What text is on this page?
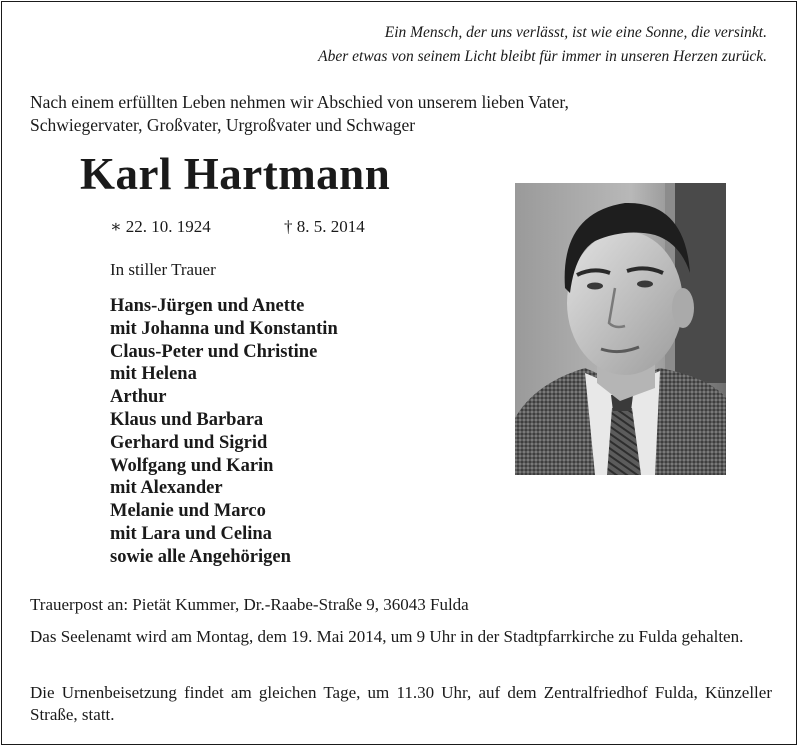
Ein Mensch, der uns verlässt, ist wie eine Sonne, die versinkt.
Aber etwas von seinem Licht bleibt für immer in unseren Herzen zurück.
Nach einem erfüllten Leben nehmen wir Abschied von unserem lieben Vater,
Schwiegervater, Großvater, Urgroßvater und Schwager
Karl Hartmann
∗ 22. 10. 1924	† 8. 5. 2014
In stiller Trauer
Hans-Jürgen und Anette
mit Johanna und Konstantin
Claus-Peter und Christine
mit Helena
Arthur
Klaus und Barbara
Gerhard und Sigrid
Wolfgang und Karin
mit Alexander
Melanie und Marco
mit Lara und Celina
sowie alle Angehörigen
Trauerpost an: Pietät Kummer, Dr.-Raabe-Straße 9, 36043 Fulda
Das Seelenamt wird am Montag, dem 19. Mai 2014, um 9 Uhr in der Stadtpfarrkirche zu Fulda gehalten.
Die Urnenbeisetzung findet am gleichen Tage, um 11.30 Uhr, auf dem Zentralfriedhof Fulda, Künzeller Straße, statt.
